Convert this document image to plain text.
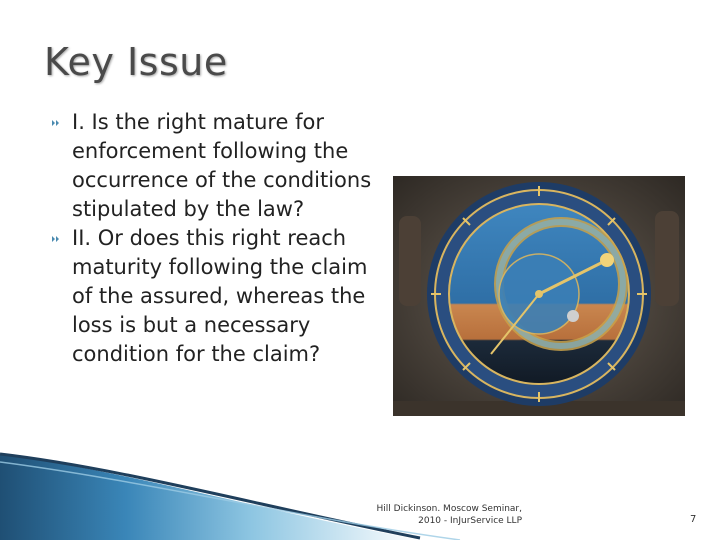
Key Issue
I. Is the right mature for enforcement following the occurrence of the conditions stipulated by the law?
II. Or does this right reach maturity following the claim of the assured, whereas the loss is but a necessary condition for the claim?
Hill Dickinson. Moscow Seminar,
2010 - InJurService LLP	7
